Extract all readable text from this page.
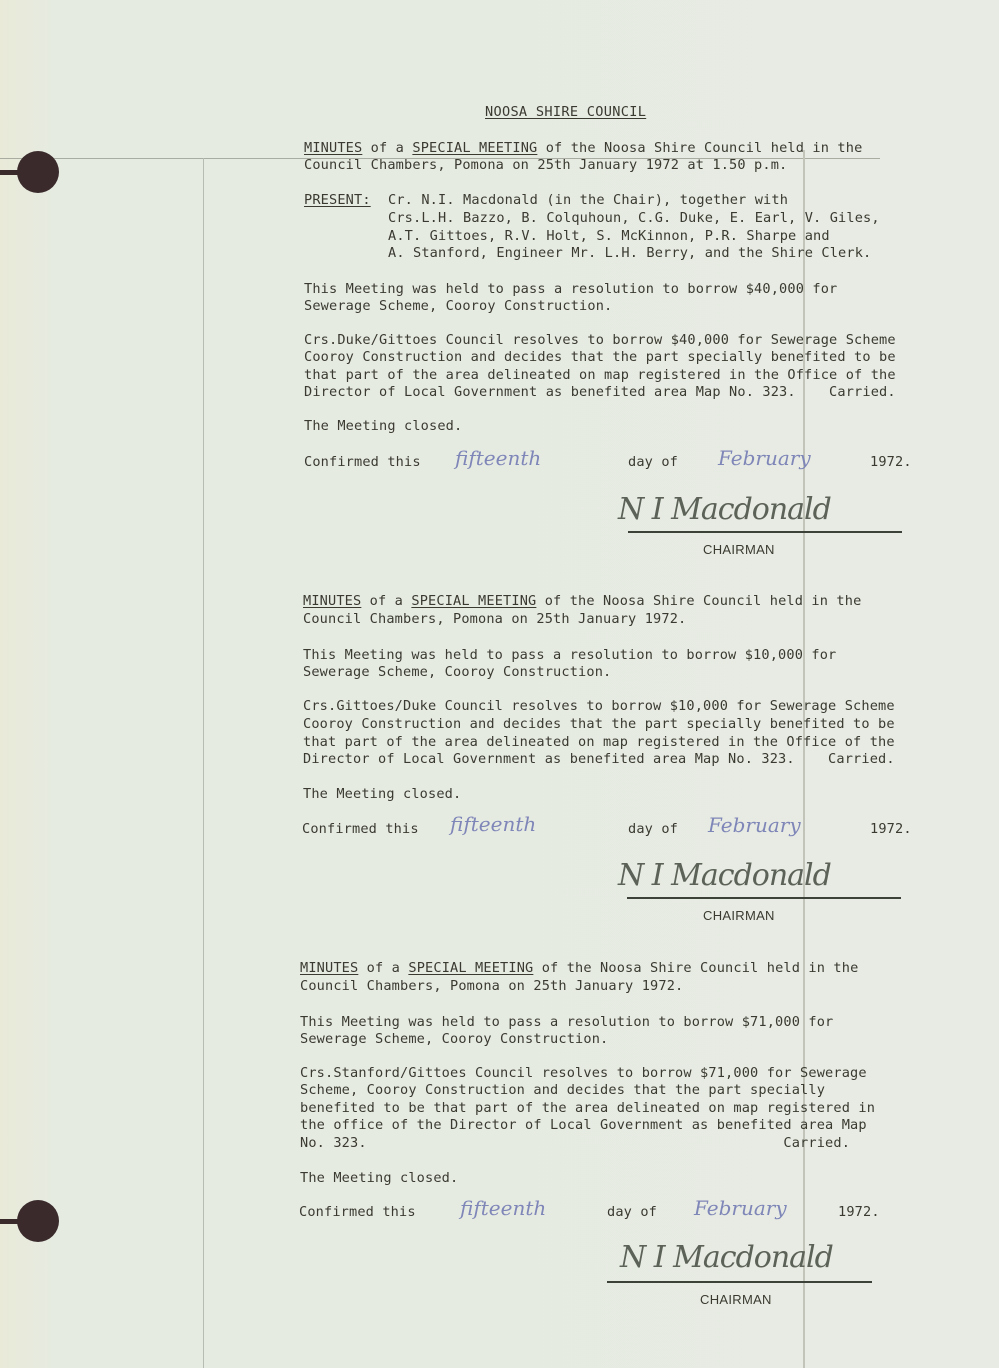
NOOSA SHIRE COUNCIL
MINUTES of a SPECIAL MEETING of the Noosa Shire Council held in the
Council Chambers, Pomona on 25th January 1972 at 1.50 p.m.
PRESENT: Cr. N.I. Macdonald (in the Chair), together with
Crs.L.H. Bazzo, B. Colquhoun, C.G. Duke, E. Earl, V. Giles,
A.T. Gittoes, R.V. Holt, S. McKinnon, P.R. Sharpe and
A. Stanford, Engineer Mr. L.H. Berry, and the Shire Clerk.
This Meeting was held to pass a resolution to borrow $40,000 for
Sewerage Scheme, Cooroy Construction.
Crs.Duke/Gittoes Council resolves to borrow $40,000 for Sewerage Scheme
Cooroy Construction and decides that the part specially benefited to be
that part of the area delineated on map registered in the Office of the
Director of Local Government as benefited area Map No. 323.    Carried.
The Meeting closed.
Confirmed this fifteenth	day of February	1972.
N I Macdonald
CHAIRMAN
MINUTES of a SPECIAL MEETING of the Noosa Shire Council held in the
Council Chambers, Pomona on 25th January 1972.
This Meeting was held to pass a resolution to borrow $10,000 for
Sewerage Scheme, Cooroy Construction.
Crs.Gittoes/Duke Council resolves to borrow $10,000 for Sewerage Scheme
Cooroy Construction and decides that the part specially benefited to be
that part of the area delineated on map registered in the Office of the
Director of Local Government as benefited area Map No. 323.    Carried.
The Meeting closed.
Confirmed this fifteenth	day of February	1972.
N I Macdonald
CHAIRMAN
MINUTES of a SPECIAL MEETING of the Noosa Shire Council held in the
Council Chambers, Pomona on 25th January 1972.
This Meeting was held to pass a resolution to borrow $71,000 for
Sewerage Scheme, Cooroy Construction.
Crs.Stanford/Gittoes Council resolves to borrow $71,000 for Sewerage
Scheme, Cooroy Construction and decides that the part specially
benefited to be that part of the area delineated on map registered in
the office of the Director of Local Government as benefited area Map
No. 323.                                                  Carried.
The Meeting closed.
Confirmed this fifteenth	day of February	1972.
N I Macdonald
CHAIRMAN
